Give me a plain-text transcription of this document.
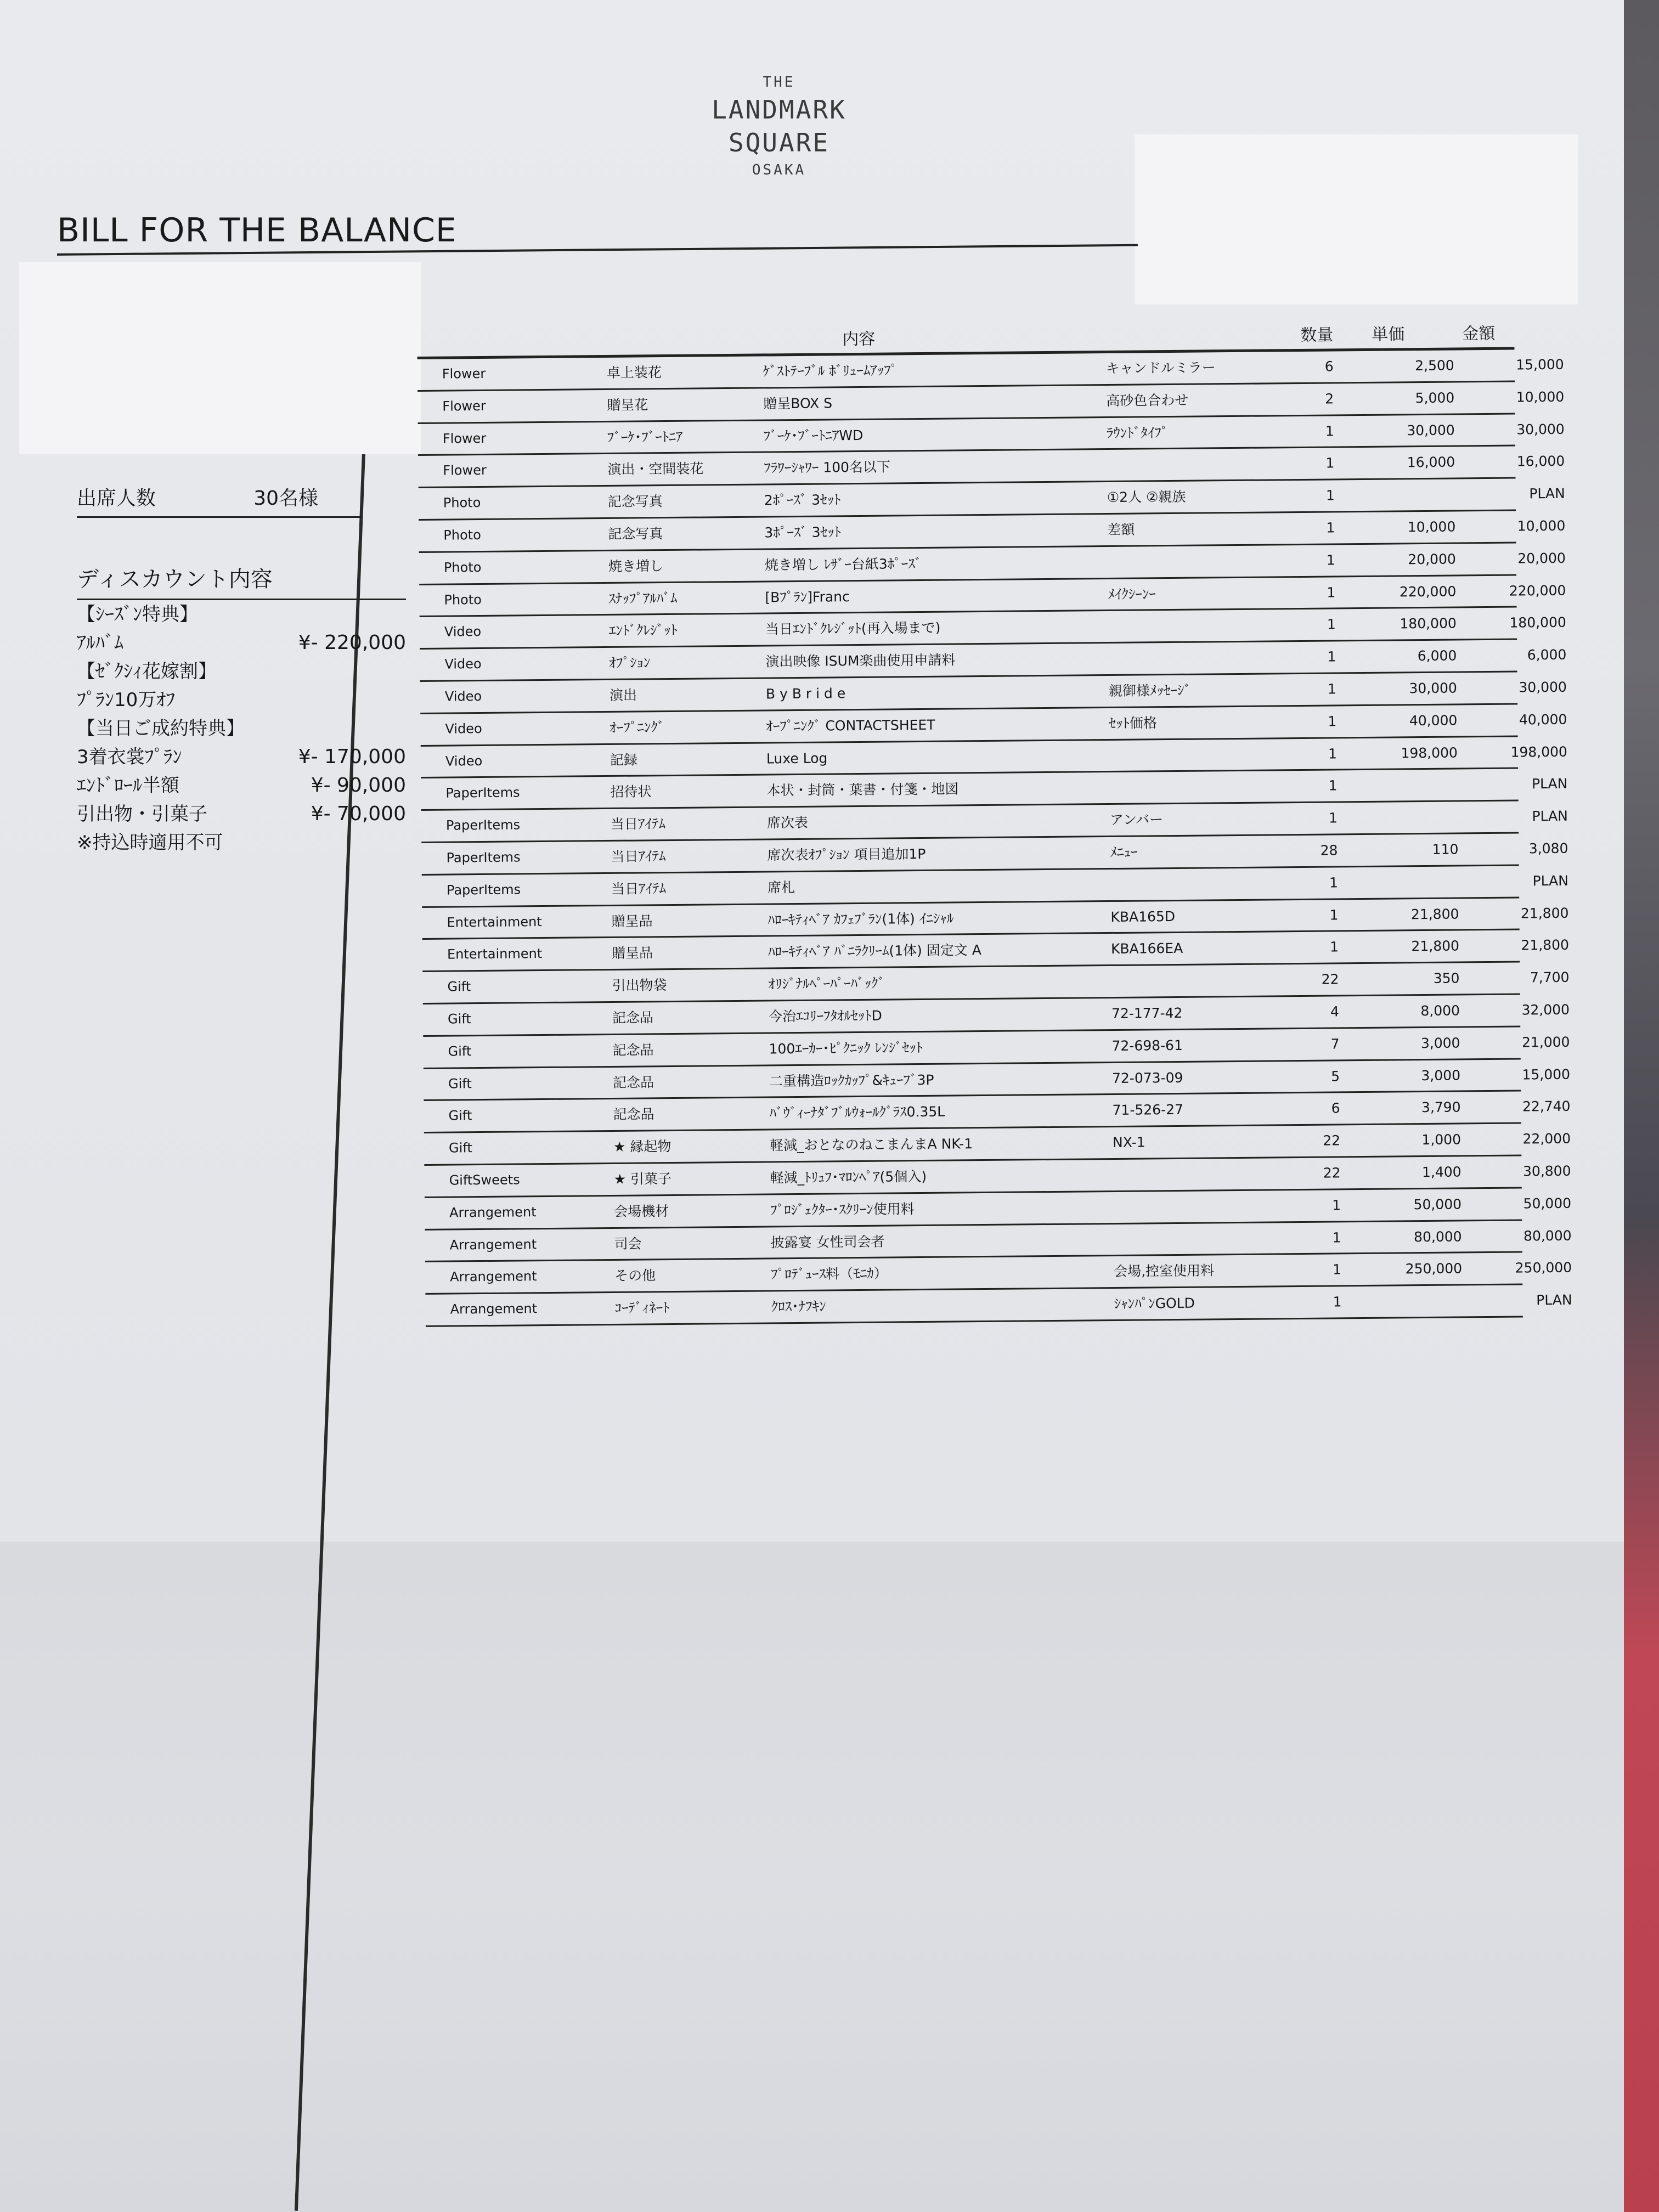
THE
LANDMARK
SQUARE
OSAKA
BILL FOR THE BALANCE
出席人数	30名様
ディスカウント内容
【ｼｰｽﾞﾝ特典】
ｱﾙﾊﾞﾑ	¥- 220,000
【ｾﾞｸｼｨ花嫁割】
ﾌﾟﾗﾝ10万ｵﾌ
【当日ご成約特典】
3着衣裳ﾌﾟﾗﾝ	¥- 170,000
ｴﾝﾄﾞﾛｰﾙ半額	¥- 90,000
引出物・引菓子	¥- 70,000
※持込時適用不可
内容	数量 単価	金額
Flower	卓上装花	ｹﾞｽﾄﾃｰﾌﾞﾙ ﾎﾞﾘｭｰﾑｱｯﾌﾟ	キャンドルミラー	6	2,500	15,000
Flower	贈呈花	贈呈BOX S	高砂色合わせ	2	5,000	10,000
Flower	ﾌﾞｰｹ･ﾌﾞｰﾄﾆｱ	ﾌﾞｰｹ･ﾌﾞｰﾄﾆｱWD	ﾗｳﾝﾄﾞﾀｲﾌﾟ	1	30,000	30,000
Flower	演出・空間装花	ﾌﾗﾜｰｼｬﾜｰ 100名以下	1	16,000	16,000
Photo	記念写真	2ﾎﾟｰｽﾞ 3ｾｯﾄ	①2人 ②親族	1	PLAN
Photo	記念写真	3ﾎﾟｰｽﾞ 3ｾｯﾄ	差額	1	10,000	10,000
Photo	焼き増し	焼き増し ﾚｻﾞｰ台紙3ﾎﾟｰｽﾞ	1	20,000	20,000
Photo	ｽﾅｯﾌﾟｱﾙﾊﾞﾑ	[Bﾌﾟﾗﾝ]Franc	ﾒｲｸｼｰﾝｰ	1	220,000	220,000
Video	ｴﾝﾄﾞｸﾚｼﾞｯﾄ	当日ｴﾝﾄﾞｸﾚｼﾞｯﾄ(再入場まで)	1	180,000	180,000
Video	ｵﾌﾟｼｮﾝ	演出映像 ISUM楽曲使用申請料	1	6,000	6,000
Video	演出	B y B r i d e	親御様ﾒｯｾｰｼﾞ	1	30,000	30,000
Video	ｵｰﾌﾟﾆﾝｸﾞ	ｵｰﾌﾟﾆﾝｸﾞ CONTACTSHEET	ｾｯﾄ価格	1	40,000	40,000
Video	記録	Luxe Log	1	198,000	198,000
PaperItems	招待状	本状・封筒・葉書・付箋・地図	1	PLAN
PaperItems	当日ｱｲﾃﾑ	席次表	アンバー	1	PLAN
PaperItems	当日ｱｲﾃﾑ	席次表ｵﾌﾟｼｮﾝ 項目追加1P	ﾒﾆｭｰ	28	110	3,080
PaperItems	当日ｱｲﾃﾑ	席札	1	PLAN
Entertainment	贈呈品	ﾊﾛｰｷﾃｨﾍﾞｱ ｶﾌｪﾌﾞﾗﾝ(1体) ｲﾆｼｬﾙ	KBA165D	1	21,800	21,800
Entertainment	贈呈品	ﾊﾛｰｷﾃｨﾍﾞｱ ﾊﾞﾆﾗｸﾘｰﾑ(1体) 固定文 A	KBA166EA	1	21,800	21,800
Gift	引出物袋	ｵﾘｼﾞﾅﾙﾍﾟｰﾊﾟｰﾊﾞｯｸﾞ	22	350	7,700
Gift	記念品	今治ｴｺﾘｰﾌﾀｵﾙｾｯﾄD	72-177-42	4	8,000	32,000
Gift	記念品	100ｴｰｶｰ･ﾋﾟｸﾆｯｸ ﾚﾝｼﾞｾｯﾄ	72-698-61	7	3,000	21,000
Gift	記念品	二重構造ﾛｯｸｶｯﾌﾟ&ｷｭｰﾌﾞ3P	72-073-09	5	3,000	15,000
Gift	記念品	ﾊﾞｳﾞｨｰﾅﾀﾞﾌﾞﾙｳｫｰﾙｸﾞﾗｽ0.35L	71-526-27	6	3,790	22,740
Gift	★ 縁起物	軽減_おとなのねこまんまA NK-1	NX-1	22	1,000	22,000
GiftSweets	★ 引菓子	軽減_ﾄﾘｭﾌ･ﾏﾛﾝﾍﾟｱ(5個入)	22	1,400	30,800
Arrangement	会場機材	ﾌﾟﾛｼﾞｪｸﾀｰ･ｽｸﾘｰﾝ使用料	1	50,000	50,000
Arrangement	司会	披露宴 女性司会者	1	80,000	80,000
Arrangement	その他	ﾌﾟﾛﾃﾞｭｰｽ料（ﾓﾆｶ）	会場,控室使用料	1	250,000	250,000
Arrangement	ｺｰﾃﾞｨﾈｰﾄ	ｸﾛｽ･ﾅﾌｷﾝ	ｼｬﾝﾊﾟﾝGOLD	1	PLAN
